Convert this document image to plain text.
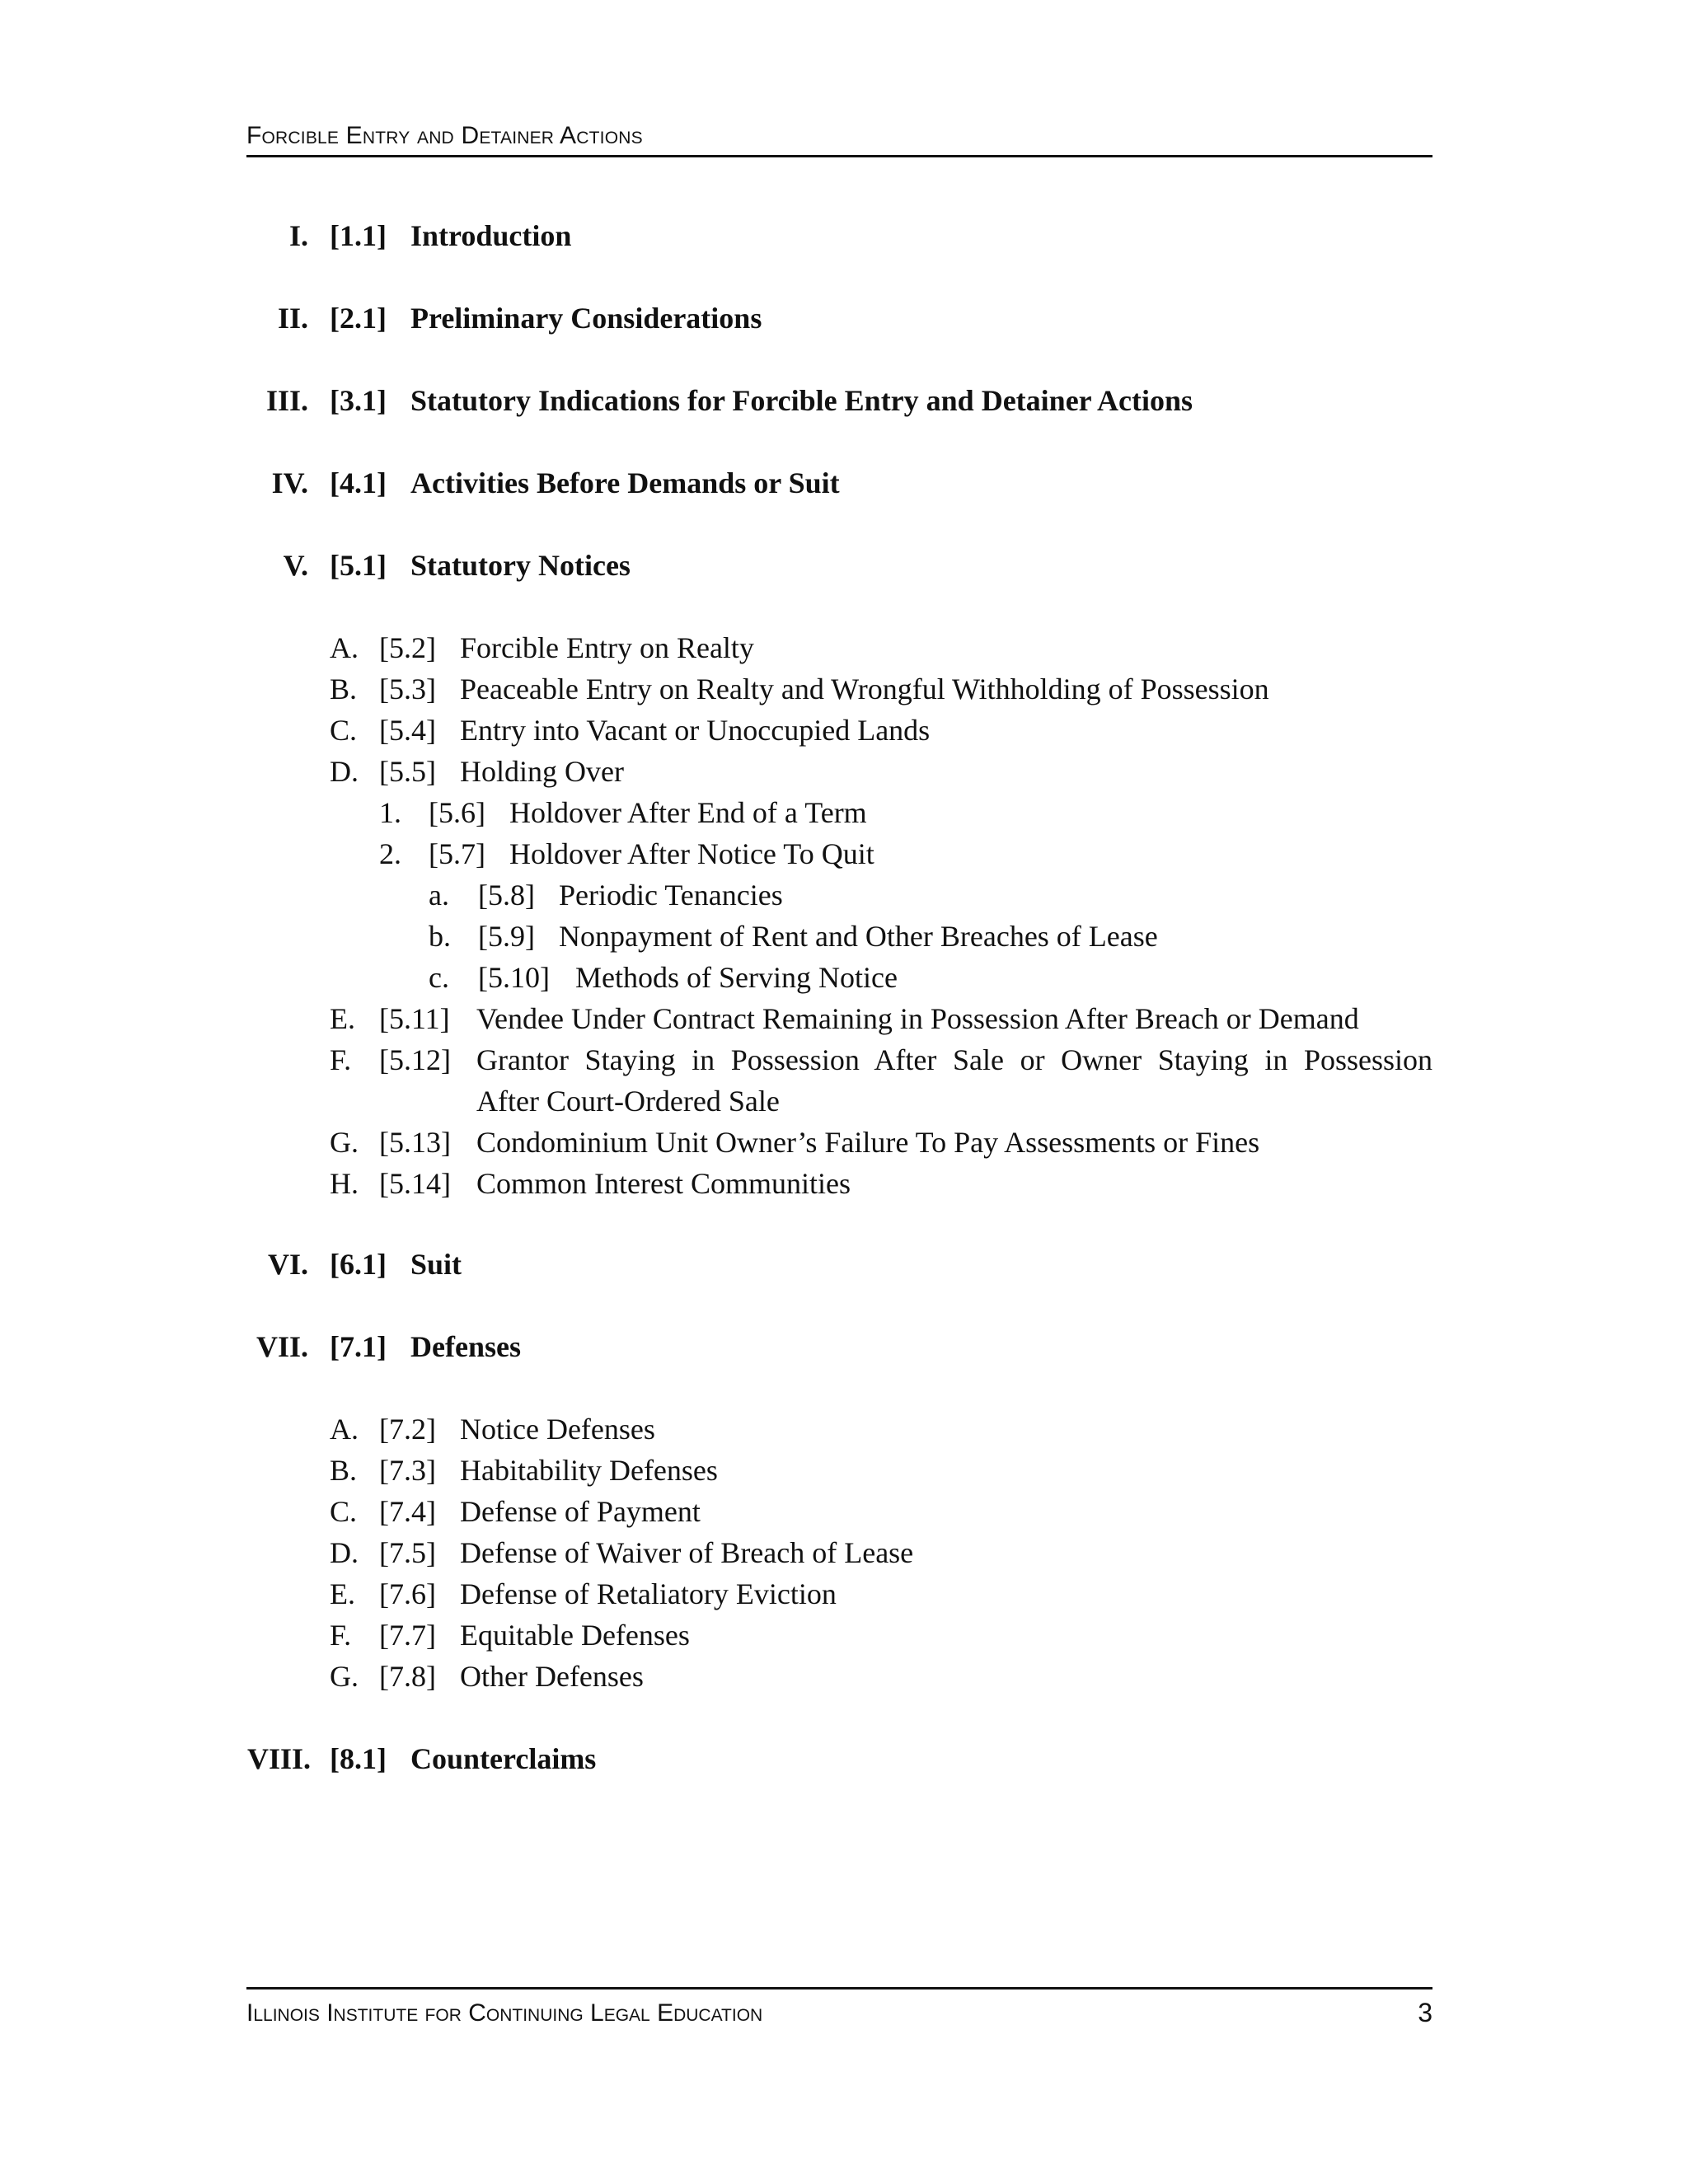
Forcible Entry and Detainer Actions
I. [1.1] Introduction
II. [2.1] Preliminary Considerations
III. [3.1] Statutory Indications for Forcible Entry and Detainer Actions
IV. [4.1] Activities Before Demands or Suit
V. [5.1] Statutory Notices
A. [5.2] Forcible Entry on Realty
B. [5.3] Peaceable Entry on Realty and Wrongful Withholding of Possession
C. [5.4] Entry into Vacant or Unoccupied Lands
D. [5.5] Holding Over
1. [5.6] Holdover After End of a Term
2. [5.7] Holdover After Notice To Quit
a. [5.8] Periodic Tenancies
b. [5.9] Nonpayment of Rent and Other Breaches of Lease
c. [5.10] Methods of Serving Notice
E. [5.11] Vendee Under Contract Remaining in Possession After Breach or Demand
F. [5.12] Grantor Staying in Possession After Sale or Owner Staying in Possession
After Court-Ordered Sale
G. [5.13] Condominium Unit Owner’s Failure To Pay Assessments or Fines
H. [5.14] Common Interest Communities
VI. [6.1] Suit
VII. [7.1] Defenses
A. [7.2] Notice Defenses
B. [7.3] Habitability Defenses
C. [7.4] Defense of Payment
D. [7.5] Defense of Waiver of Breach of Lease
E. [7.6] Defense of Retaliatory Eviction
F. [7.7] Equitable Defenses
G. [7.8] Other Defenses
VIII. [8.1] Counterclaims
Illinois Institute for Continuing Legal Education	3
